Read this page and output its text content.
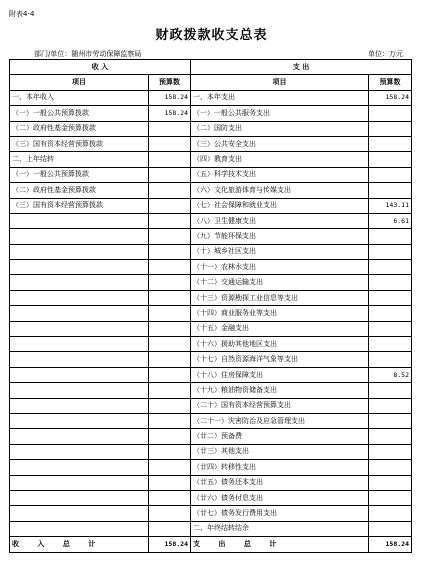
附表4-4
财政拨款收支总表
部门/单位：随州市劳动保障监察局	单位：万元
收 入		支 出	
项目	预算数	项目	预算数
一、本年收入	158.24	一、本年支出	158.24
（一）一般公共预算拨款	158.24	（一）一般公共服务支出	
（二）政府性基金预算拨款		（二）国防支出	
（三）国有资本经营预算拨款		（三）公共安全支出	
二、上年结转		（四）教育支出	
（一）一般公共预算拨款		（五）科学技术支出	
（二）政府性基金预算拨款		（六）文化旅游体育与传媒支出	
（三）国有资本经营预算拨款		（七）社会保障和就业支出	143.11
		（八）卫生健康支出	6.61
		（九）节能环保支出	
		（十）城乡社区支出	
		（十一）农林水支出	
		（十二）交通运输支出	
		（十三）资源勘探工业信息等支出	
		（十四）商业服务业等支出	
		（十五）金融支出	
		（十六）援助其他地区支出	
		（十七）自然资源海洋气象等支出	
		（十八）住房保障支出	8.52
		（十九）粮油物资储备支出	
		（二十）国有资本经营预算支出	
		（二十一）灾害防治及应急管理支出	
		（廿二）预备费	
		（廿三）其他支出	
		（廿四）转移性支出	
		（廿五）债务还本支出	
		（廿六）债务付息支出	
		（廿七）债务发行费用支出	
		二、年终结转结余	
收 入 总 计	158.24	支 出 总 计	158.24
